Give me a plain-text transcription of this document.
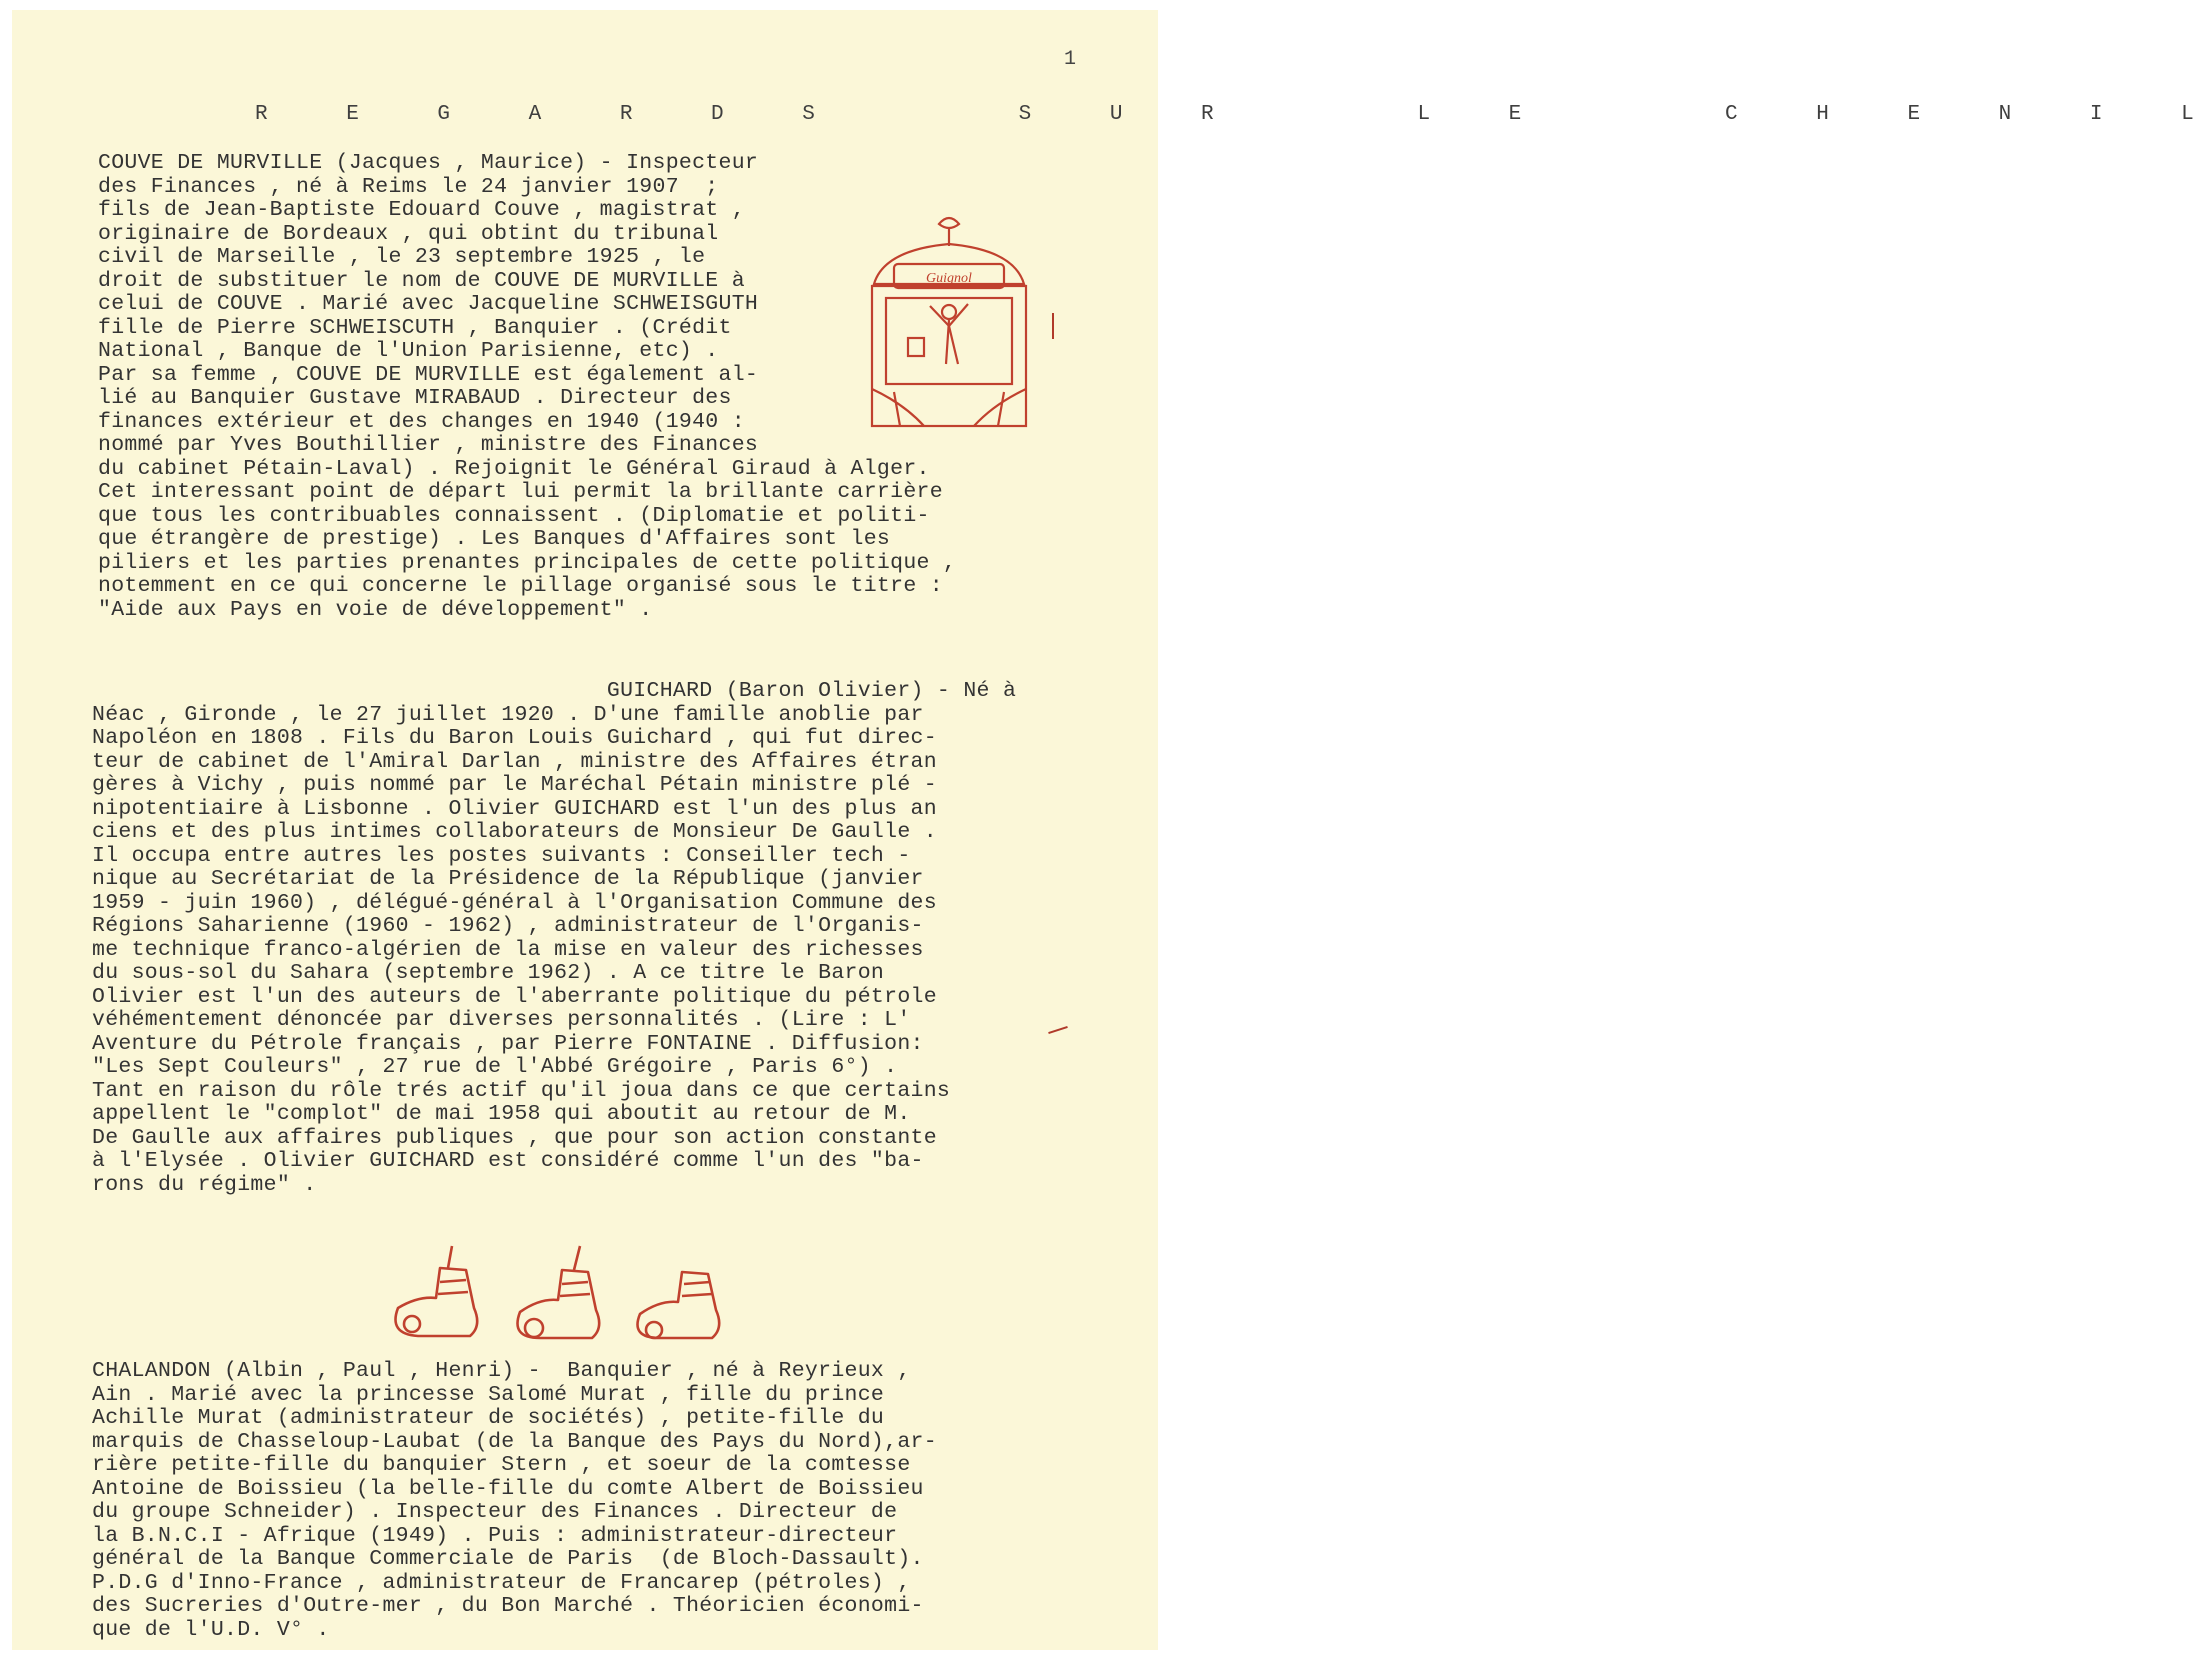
1
R E G A R D S   S U R   L E   C H E N I L

COUVE DE MURVILLE (Jacques , Maurice) - Inspecteur

des Finances , né à Reims le 24 janvier 1907  ;

fils de Jean-Baptiste Edouard Couve , magistrat ,

originaire de Bordeaux , qui obtint du tribunal

civil de Marseille , le 23 septembre 1925 , le

droit de substituer le nom de COUVE DE MURVILLE à

celui de COUVE . Marié avec Jacqueline SCHWEISGUTH

fille de Pierre SCHWEISCUTH , Banquier . (Crédit

National , Banque de l'Union Parisienne, etc) .

Par sa femme , COUVE DE MURVILLE est également al-

lié au Banquier Gustave MIRABAUD . Directeur des

finances extérieur et des changes en 1940 (1940 :

nommé par Yves Bouthillier , ministre des Finances

du cabinet Pétain-Laval) . Rejoignit le Général Giraud à Alger.

Cet interessant point de départ lui permit la brillante carrière

que tous les contribuables connaissent . (Diplomatie et politi-

que étrangère de prestige) . Les Banques d'Affaires sont les

piliers et les parties prenantes principales de cette politique ,

notemment en ce qui concerne le pillage organisé sous le titre :

"Aide aux Pays en voie de développement" .

Guignol

GUICHARD (Baron Olivier) - Né à

Néac , Gironde , le 27 juillet 1920 . D'une famille anoblie par

Napoléon en 1808 . Fils du Baron Louis Guichard , qui fut direc-

teur de cabinet de l'Amiral Darlan , ministre des Affaires étran

gères à Vichy , puis nommé par le Maréchal Pétain ministre plé -

nipotentiaire à Lisbonne . Olivier GUICHARD est l'un des plus an

ciens et des plus intimes collaborateurs de Monsieur De Gaulle .

Il occupa entre autres les postes suivants : Conseiller tech -

nique au Secrétariat de la Présidence de la République (janvier

1959 - juin 1960) , délégué-général à l'Organisation Commune des

Régions Saharienne (1960 - 1962) , administrateur de l'Organis-

me technique franco-algérien de la mise en valeur des richesses

du sous-sol du Sahara (septembre 1962) . A ce titre le Baron

Olivier est l'un des auteurs de l'aberrante politique du pétrole

véhémentement dénoncée par diverses personnalités . (Lire : L'

Aventure du Pétrole français , par Pierre FONTAINE . Diffusion:

"Les Sept Couleurs" , 27 rue de l'Abbé Grégoire , Paris 6°) .

Tant en raison du rôle trés actif qu'il joua dans ce que certains

appellent le "complot" de mai 1958 qui aboutit au retour de M.

De Gaulle aux affaires publiques , que pour son action constante

à l'Elysée . Olivier GUICHARD est considéré comme l'un des "ba-

rons du régime" .

CHALANDON (Albin , Paul , Henri) -  Banquier , né à Reyrieux ,

Ain . Marié avec la princesse Salomé Murat , fille du prince

Achille Murat (administrateur de sociétés) , petite-fille du

marquis de Chasseloup-Laubat (de la Banque des Pays du Nord),ar-

rière petite-fille du banquier Stern , et soeur de la comtesse

Antoine de Boissieu (la belle-fille du comte Albert de Boissieu

du groupe Schneider) . Inspecteur des Finances . Directeur de

la B.N.C.I - Afrique (1949) . Puis : administrateur-directeur

général de la Banque Commerciale de Paris  (de Bloch-Dassault).

P.D.G d'Inno-France , administrateur de Francarep (pétroles) ,

des Sucreries d'Outre-mer , du Bon Marché . Théoricien économi-

que de l'U.D. V° .
